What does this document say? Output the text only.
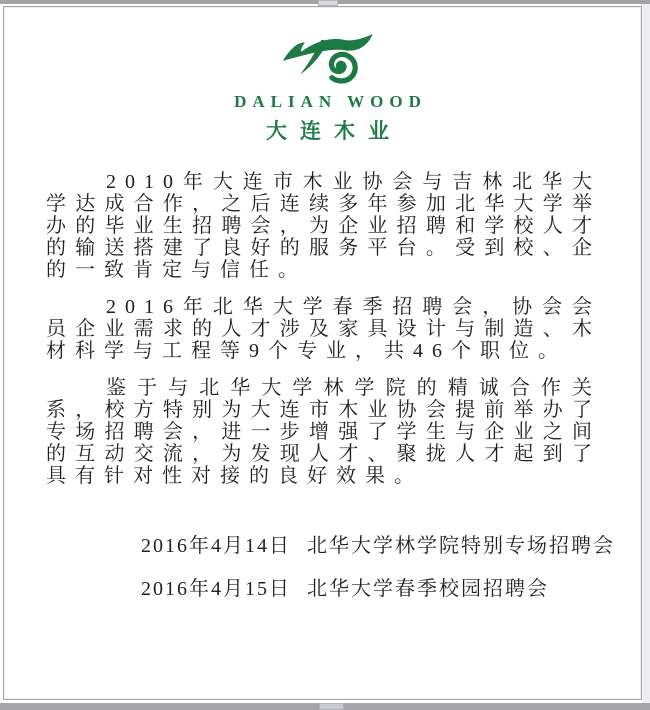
DALIAN WOOD
大连木业

2010年大连市木业协会与吉林北华大学达成合作，之后连续多年参加北华大学举办的毕业生招聘会，为企业招聘和学校人才的输送搭建了良好的服务平台。受到校、企的一致肯定与信任。

2016年北华大学春季招聘会，协会会员企业需求的人才涉及家具设计与制造、木材科学与工程等9个专业，共46个职位。

鉴于与北华大学林学院的精诚合作关系，校方特别为大连市木业协会提前举办了专场招聘会，进一步增强了学生与企业之间的互动交流，为发现人才、聚拢人才起到了具有针对性对接的良好效果。

2016年4月14日 北华大学林学院特别专场招聘会
2016年4月15日 北华大学春季校园招聘会
